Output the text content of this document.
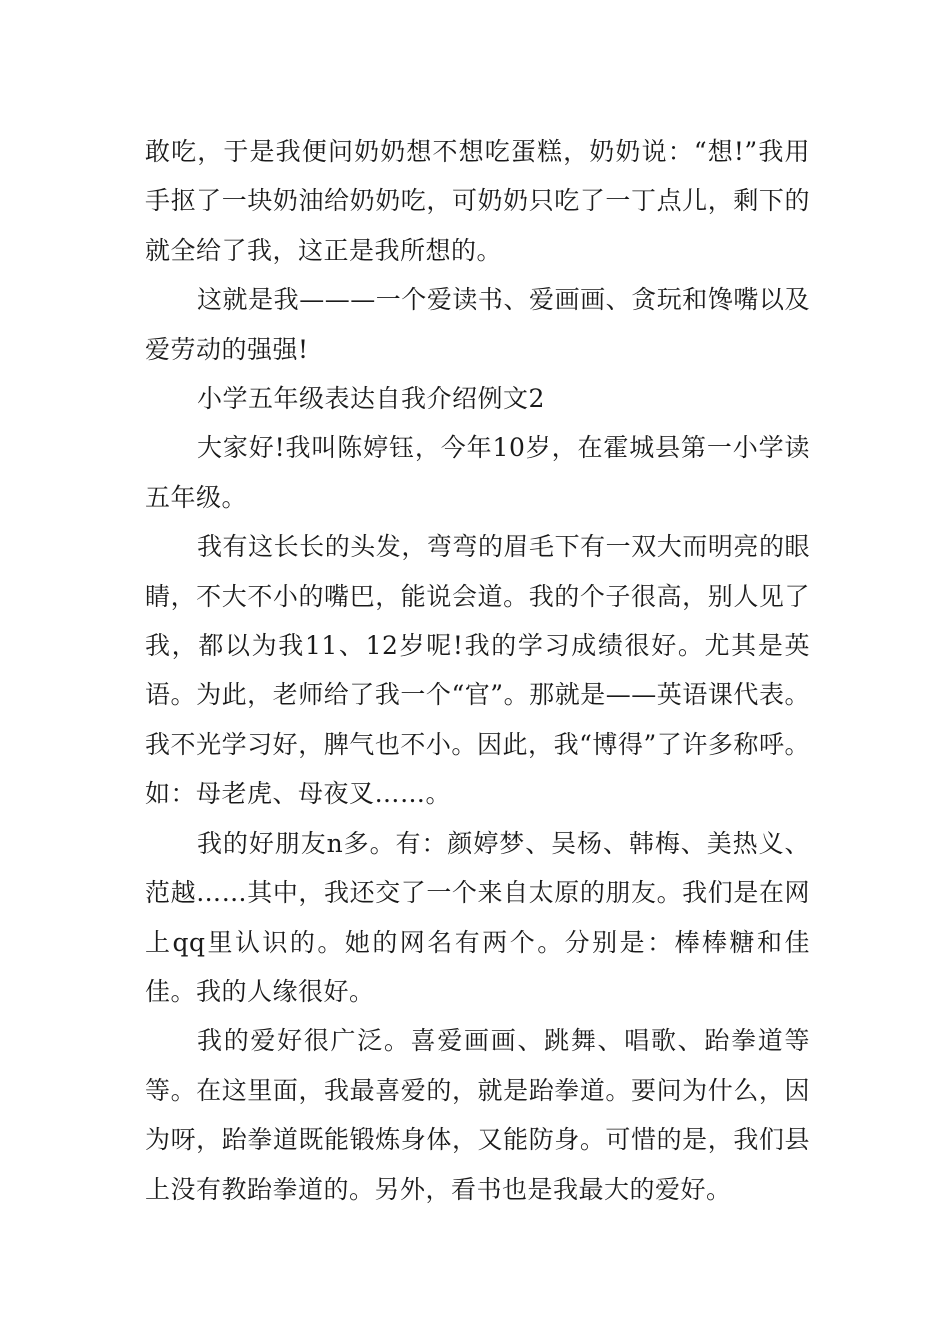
敢吃，于是我便问奶奶想不想吃蛋糕，奶奶说：“想!”我用手抠了一块奶油给奶奶吃，可奶奶只吃了一丁点儿，剩下的就全给了我，这正是我所想的。

这就是我———一个爱读书、爱画画、贪玩和馋嘴以及爱劳动的强强!

小学五年级表达自我介绍例文2

大家好!我叫陈婷钰，今年10岁，在霍城县第一小学读五年级。

我有这长长的头发，弯弯的眉毛下有一双大而明亮的眼睛，不大不小的嘴巴，能说会道。我的个子很高，别人见了我，都以为我11、12岁呢!我的学习成绩很好。尤其是英语。为此，老师给了我一个“官”。那就是——英语课代表。我不光学习好，脾气也不小。因此，我“博得”了许多称呼。如：母老虎、母夜叉……。

我的好朋友n多。有：颜婷梦、吴杨、韩梅、美热义、范越……其中，我还交了一个来自太原的朋友。我们是在网上qq里认识的。她的网名有两个。分别是：棒棒糖和佳佳。我的人缘很好。

我的爱好很广泛。喜爱画画、跳舞、唱歌、跆拳道等等。在这里面，我最喜爱的，就是跆拳道。要问为什么，因为呀，跆拳道既能锻炼身体，又能防身。可惜的是，我们县上没有教跆拳道的。另外，看书也是我最大的爱好。
